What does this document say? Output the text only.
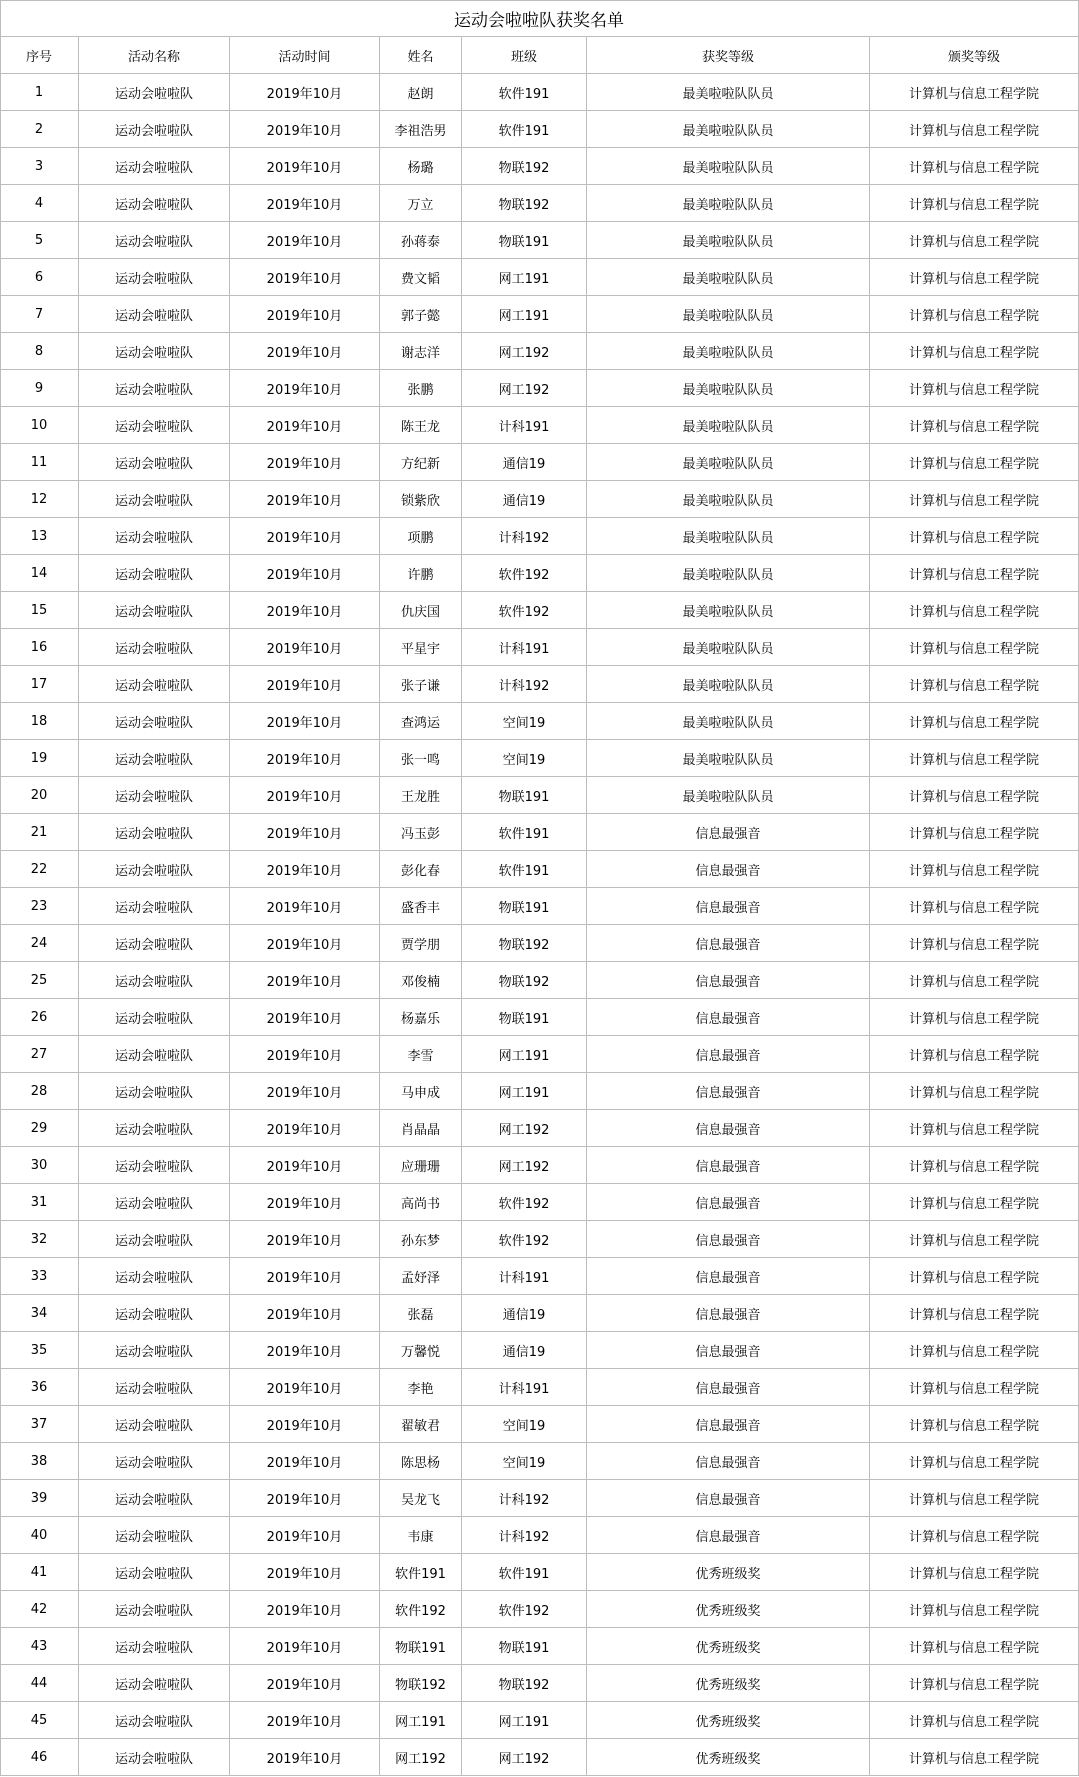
运动会啦啦队获奖名单
序号	活动名称	活动时间	姓名	班级	获奖等级	颁奖等级
1	运动会啦啦队	2019年10月	赵朗	软件191	最美啦啦队队员	计算机与信息工程学院
2	运动会啦啦队	2019年10月	李祖浩男	软件191	最美啦啦队队员	计算机与信息工程学院
3	运动会啦啦队	2019年10月	杨璐	物联192	最美啦啦队队员	计算机与信息工程学院
4	运动会啦啦队	2019年10月	万立	物联192	最美啦啦队队员	计算机与信息工程学院
5	运动会啦啦队	2019年10月	孙蒋泰	物联191	最美啦啦队队员	计算机与信息工程学院
6	运动会啦啦队	2019年10月	费文韬	网工191	最美啦啦队队员	计算机与信息工程学院
7	运动会啦啦队	2019年10月	郭子懿	网工191	最美啦啦队队员	计算机与信息工程学院
8	运动会啦啦队	2019年10月	谢志洋	网工192	最美啦啦队队员	计算机与信息工程学院
9	运动会啦啦队	2019年10月	张鹏	网工192	最美啦啦队队员	计算机与信息工程学院
10	运动会啦啦队	2019年10月	陈王龙	计科191	最美啦啦队队员	计算机与信息工程学院
11	运动会啦啦队	2019年10月	方纪新	通信19	最美啦啦队队员	计算机与信息工程学院
12	运动会啦啦队	2019年10月	锁紫欣	通信19	最美啦啦队队员	计算机与信息工程学院
13	运动会啦啦队	2019年10月	项鹏	计科192	最美啦啦队队员	计算机与信息工程学院
14	运动会啦啦队	2019年10月	许鹏	软件192	最美啦啦队队员	计算机与信息工程学院
15	运动会啦啦队	2019年10月	仇庆国	软件192	最美啦啦队队员	计算机与信息工程学院
16	运动会啦啦队	2019年10月	平星宇	计科191	最美啦啦队队员	计算机与信息工程学院
17	运动会啦啦队	2019年10月	张子谦	计科192	最美啦啦队队员	计算机与信息工程学院
18	运动会啦啦队	2019年10月	查鸿运	空间19	最美啦啦队队员	计算机与信息工程学院
19	运动会啦啦队	2019年10月	张一鸣	空间19	最美啦啦队队员	计算机与信息工程学院
20	运动会啦啦队	2019年10月	王龙胜	物联191	最美啦啦队队员	计算机与信息工程学院
21	运动会啦啦队	2019年10月	冯玉彭	软件191	信息最强音	计算机与信息工程学院
22	运动会啦啦队	2019年10月	彭化春	软件191	信息最强音	计算机与信息工程学院
23	运动会啦啦队	2019年10月	盛香丰	物联191	信息最强音	计算机与信息工程学院
24	运动会啦啦队	2019年10月	贾学朋	物联192	信息最强音	计算机与信息工程学院
25	运动会啦啦队	2019年10月	邓俊楠	物联192	信息最强音	计算机与信息工程学院
26	运动会啦啦队	2019年10月	杨嘉乐	物联191	信息最强音	计算机与信息工程学院
27	运动会啦啦队	2019年10月	李雪	网工191	信息最强音	计算机与信息工程学院
28	运动会啦啦队	2019年10月	马申成	网工191	信息最强音	计算机与信息工程学院
29	运动会啦啦队	2019年10月	肖晶晶	网工192	信息最强音	计算机与信息工程学院
30	运动会啦啦队	2019年10月	应珊珊	网工192	信息最强音	计算机与信息工程学院
31	运动会啦啦队	2019年10月	高尚书	软件192	信息最强音	计算机与信息工程学院
32	运动会啦啦队	2019年10月	孙东梦	软件192	信息最强音	计算机与信息工程学院
33	运动会啦啦队	2019年10月	孟妤泽	计科191	信息最强音	计算机与信息工程学院
34	运动会啦啦队	2019年10月	张磊	通信19	信息最强音	计算机与信息工程学院
35	运动会啦啦队	2019年10月	万馨悦	通信19	信息最强音	计算机与信息工程学院
36	运动会啦啦队	2019年10月	李艳	计科191	信息最强音	计算机与信息工程学院
37	运动会啦啦队	2019年10月	翟敏君	空间19	信息最强音	计算机与信息工程学院
38	运动会啦啦队	2019年10月	陈思杨	空间19	信息最强音	计算机与信息工程学院
39	运动会啦啦队	2019年10月	吴龙飞	计科192	信息最强音	计算机与信息工程学院
40	运动会啦啦队	2019年10月	韦康	计科192	信息最强音	计算机与信息工程学院
41	运动会啦啦队	2019年10月	软件191	软件191	优秀班级奖	计算机与信息工程学院
42	运动会啦啦队	2019年10月	软件192	软件192	优秀班级奖	计算机与信息工程学院
43	运动会啦啦队	2019年10月	物联191	物联191	优秀班级奖	计算机与信息工程学院
44	运动会啦啦队	2019年10月	物联192	物联192	优秀班级奖	计算机与信息工程学院
45	运动会啦啦队	2019年10月	网工191	网工191	优秀班级奖	计算机与信息工程学院
46	运动会啦啦队	2019年10月	网工192	网工192	优秀班级奖	计算机与信息工程学院
